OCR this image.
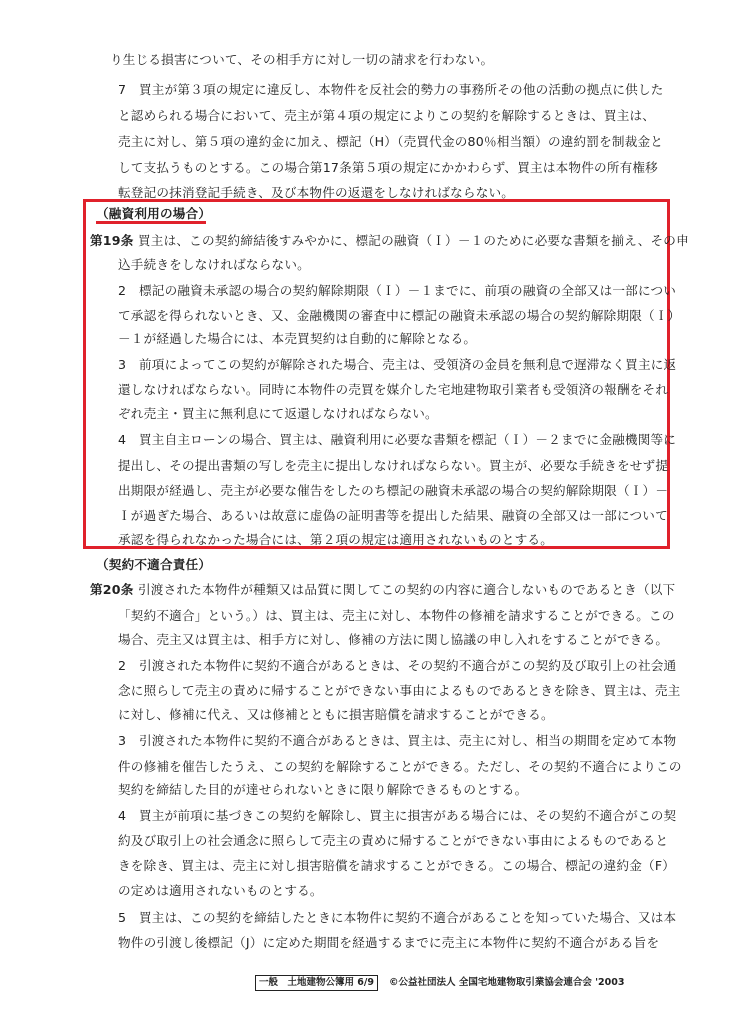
り生じる損害について、その相手方に対し一切の請求を行わない。
7　買主が第３項の規定に違反し、本物件を反社会的勢力の事務所その他の活動の拠点に供した
と認められる場合において、売主が第４項の規定によりこの契約を解除するときは、買主は、
売主に対し、第５項の違約金に加え、標記（H）（売買代金の80％相当額）の違約罰を制裁金と
して支払うものとする。この場合第17条第５項の規定にかかわらず、買主は本物件の所有権移
転登記の抹消登記手続き、及び本物件の返還をしなければならない。
（融資利用の場合）
第19条 買主は、この契約締結後すみやかに、標記の融資（Ｉ）－１のために必要な書類を揃え、その申
込手続きをしなければならない。
2　標記の融資未承認の場合の契約解除期限（Ｉ）－１までに、前項の融資の全部又は一部につい
て承認を得られないとき、又、金融機関の審査中に標記の融資未承認の場合の契約解除期限（Ｉ）
－１が経過した場合には、本売買契約は自動的に解除となる。
3　前項によってこの契約が解除された場合、売主は、受領済の金員を無利息で遅滞なく買主に返
還しなければならない。同時に本物件の売買を媒介した宅地建物取引業者も受領済の報酬をそれ
ぞれ売主・買主に無利息にて返還しなければならない。
4　買主自主ローンの場合、買主は、融資利用に必要な書類を標記（Ｉ）－２までに金融機関等に
提出し、その提出書類の写しを売主に提出しなければならない。買主が、必要な手続きをせず提
出期限が経過し、売主が必要な催告をしたのち標記の融資未承認の場合の契約解除期限（Ｉ）－
Ｉが過ぎた場合、あるいは故意に虚偽の証明書等を提出した結果、融資の全部又は一部について
承認を得られなかった場合には、第２項の規定は適用されないものとする。
（契約不適合責任）
第20条 引渡された本物件が種類又は品質に関してこの契約の内容に適合しないものであるとき（以下
「契約不適合」という。）は、買主は、売主に対し、本物件の修補を請求することができる。この
場合、売主又は買主は、相手方に対し、修補の方法に関し協議の申し入れをすることができる。
2　引渡された本物件に契約不適合があるときは、その契約不適合がこの契約及び取引上の社会通
念に照らして売主の責めに帰することができない事由によるものであるときを除き、買主は、売主
に対し、修補に代え、又は修補とともに損害賠償を請求することができる。
3　引渡された本物件に契約不適合があるときは、買主は、売主に対し、相当の期間を定めて本物
件の修補を催告したうえ、この契約を解除することができる。ただし、その契約不適合によりこの
契約を締結した目的が達せられないときに限り解除できるものとする。
4　買主が前項に基づきこの契約を解除し、買主に損害がある場合には、その契約不適合がこの契
約及び取引上の社会通念に照らして売主の責めに帰することができない事由によるものであると
きを除き、買主は、売主に対し損害賠償を請求することができる。この場合、標記の違約金（F）
の定めは適用されないものとする。
5　買主は、この契約を締結したときに本物件に契約不適合があることを知っていた場合、又は本
物件の引渡し後標記（J）に定めた期間を経過するまでに売主に本物件に契約不適合がある旨を
一般　土地建物公簿用 6/9 ©公益社団法人 全国宅地建物取引業協会連合会 '2003
